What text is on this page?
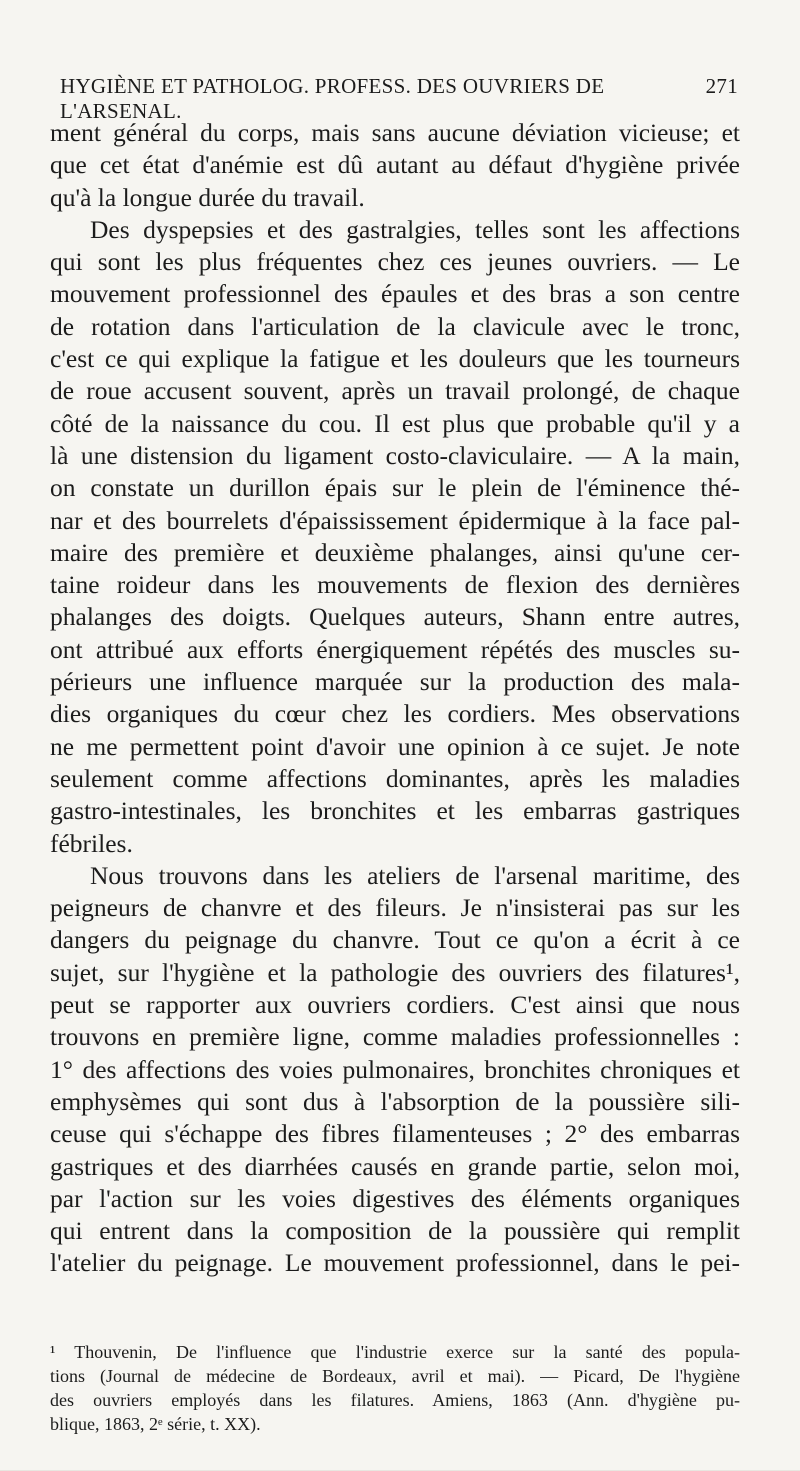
HYGIÈNE ET PATHOLOG. PROFESS. DES OUVRIERS DE L'ARSENAL.
271
ment général du corps, mais sans aucune déviation vicieuse; et
que cet état d'anémie est dû autant au défaut d'hygiène privée
qu'à la longue durée du travail.
Des dyspepsies et des gastralgies, telles sont les affections
qui sont les plus fréquentes chez ces jeunes ouvriers. — Le
mouvement professionnel des épaules et des bras a son centre
de rotation dans l'articulation de la clavicule avec le tronc,
c'est ce qui explique la fatigue et les douleurs que les tourneurs
de roue accusent souvent, après un travail prolongé, de chaque
côté de la naissance du cou. Il est plus que probable qu'il y a
là une distension du ligament costo-claviculaire. — A la main,
on constate un durillon épais sur le plein de l'éminence thé-
nar et des bourrelets d'épaississement épidermique à la face pal-
maire des première et deuxième phalanges, ainsi qu'une cer-
taine roideur dans les mouvements de flexion des dernières
phalanges des doigts. Quelques auteurs, Shann entre autres,
ont attribué aux efforts énergiquement répétés des muscles su-
périeurs une influence marquée sur la production des mala-
dies organiques du cœur chez les cordiers. Mes observations
ne me permettent point d'avoir une opinion à ce sujet. Je note
seulement comme affections dominantes, après les maladies
gastro-intestinales, les bronchites et les embarras gastriques
fébriles.
Nous trouvons dans les ateliers de l'arsenal maritime, des
peigneurs de chanvre et des fileurs. Je n'insisterai pas sur les
dangers du peignage du chanvre. Tout ce qu'on a écrit à ce
sujet, sur l'hygiène et la pathologie des ouvriers des filatures¹,
peut se rapporter aux ouvriers cordiers. C'est ainsi que nous
trouvons en première ligne, comme maladies professionnelles :
1° des affections des voies pulmonaires, bronchites chroniques et
emphysèmes qui sont dus à l'absorption de la poussière sili-
ceuse qui s'échappe des fibres filamenteuses ; 2° des embarras
gastriques et des diarrhées causés en grande partie, selon moi,
par l'action sur les voies digestives des éléments organiques
qui entrent dans la composition de la poussière qui remplit
l'atelier du peignage. Le mouvement professionnel, dans le pei-
¹ Thouvenin, De l'influence que l'industrie exerce sur la santé des popula-
tions (Journal de médecine de Bordeaux, avril et mai). — Picard, De l'hygiène
des ouvriers employés dans les filatures. Amiens, 1863 (Ann. d'hygiène pu-
blique, 1863, 2ᵉ série, t. XX).
